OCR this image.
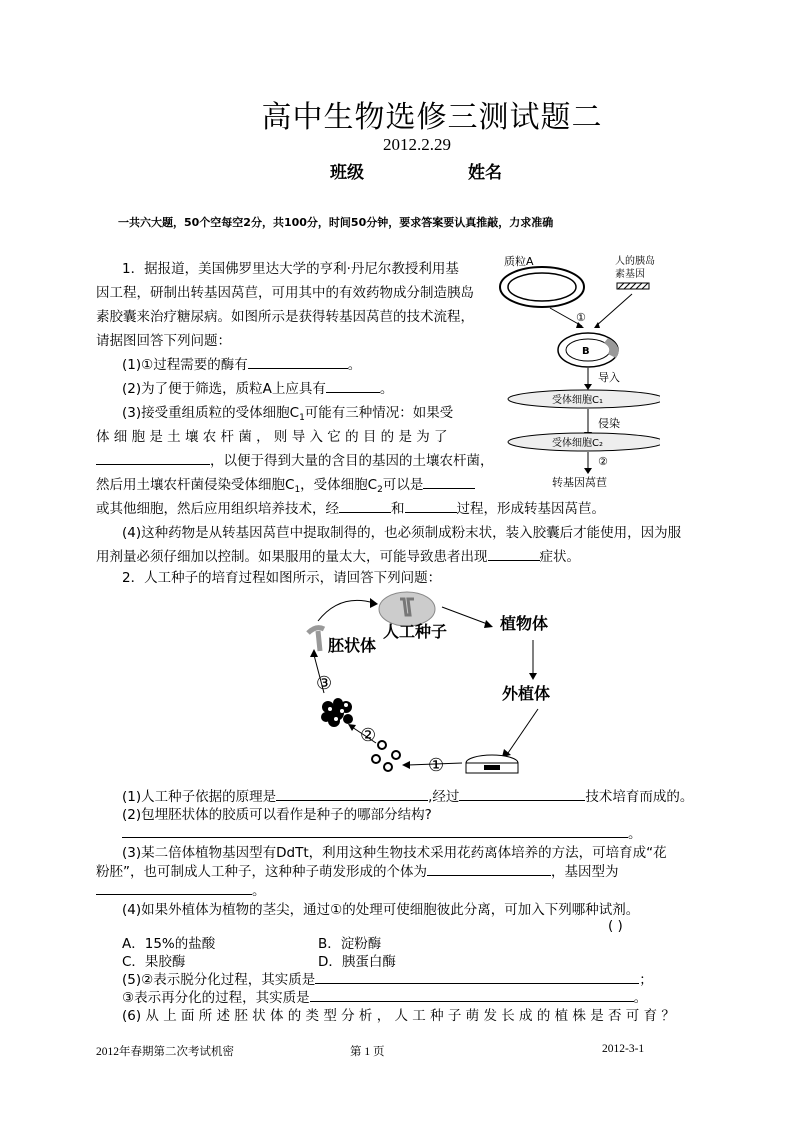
高中生物选修三测试题二
2012.2.29
班级	姓名
一共六大题，50个空每空2分，共100分，时间50分钟，要求答案要认真推敲，力求准确
1．据报道，美国佛罗里达大学的亨利·丹尼尔教授利用基
因工程，研制出转基因莴苣，可用其中的有效药物成分制造胰岛
素胶囊来治疗糖尿病。如图所示是获得转基因莴苣的技术流程，
请据图回答下列问题：
(1)①过程需要的酶有	。
(2)为了便于筛选，质粒A上应具有	。
(3)接受重组质粒的受体细胞$C_1$可能有三种情况：如果受
体 细 胞 是 土 壤 农 杆 菌 ， 则 导 入 它 的 目 的 是 为 了
，以便于得到大量的含目的基因的土壤农杆菌，
然后用土壤农杆菌侵染受体细胞$C_1$，受体细胞$C_2$可以是
或其他细胞，然后应用组织培养技术，经	和	过程，形成转基因莴苣。
(4)这种药物是从转基因莴苣中提取制得的，也必须制成粉末状，装入胶囊后才能使用，因为服
用剂量必须仔细加以控制。如果服用的量太大，可能导致患者出现	症状。
质粒A	人的胰岛
素基因
①
B
导入
受体细胞C₁
侵染
受体细胞C₂
②
转基因莴苣
2．人工种子的培育过程如图所示，请回答下列问题：
人工种子	植物体
外植体
①
②
③
胚状体
(1)人工种子依据的原理是	,经过	技术培育而成的。
(2)包埋胚状体的胶质可以看作是种子的哪部分结构?
。
(3)某二倍体植物基因型有DdTt，利用这种生物技术采用花药离体培养的方法，可培育成“花
粉胚”，也可制成人工种子，这种种子萌发形成的个体为	，基因型为
。
(4)如果外植体为植物的茎尖，通过①的处理可使细胞彼此分离，可加入下列哪种试剂。
( )
A．15%的盐酸	B．淀粉酶
C．果胶酶	D．胰蛋白酶
(5)②表示脱分化过程，其实质是	；
③表示再分化的过程，其实质是	。
(6) 从 上 面 所 述 胚 状 体 的 类 型 分 析 ， 人 工 种 子 萌 发 长 成 的 植 株 是 否 可 育 ？
2012年春期第二次考试机密	第 1 页	2012-3-1
